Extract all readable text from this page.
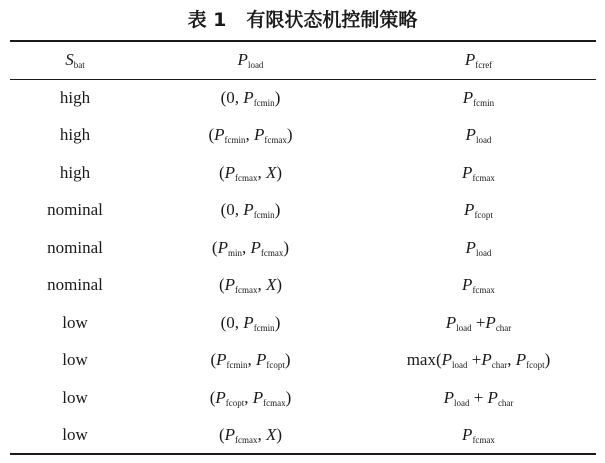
表 1 有限状态机控制策略
$S_{bat}$	$P_{load}$	$P_{fcref}$
high	(0, $P_{fcmin}$)	$P_{fcmin}$
high	($P_{fcmin}$, $P_{fcmax}$)	$P_{load}$
high	($P_{fcmax}$, X)	$P_{fcmax}$
nominal	(0, $P_{fcmin}$)	$P_{fcopt}$
nominal	($P_{min}$, $P_{fcmax}$)	$P_{load}$
nominal	($P_{fcmax}$, X)	$P_{fcmax}$
low	(0, $P_{fcmin}$)	$P_{load} +P_{char}$
low	($P_{fcmin}$, $P_{fcopt}$)	$\max(P_{load} +P_{char}$, $P_{fcopt}$)
low	($P_{fcopt}$, $P_{fcmax}$)	$P_{load} + P_{char}$
low	($P_{fcmax}$, X)	$P_{fcmax}$
